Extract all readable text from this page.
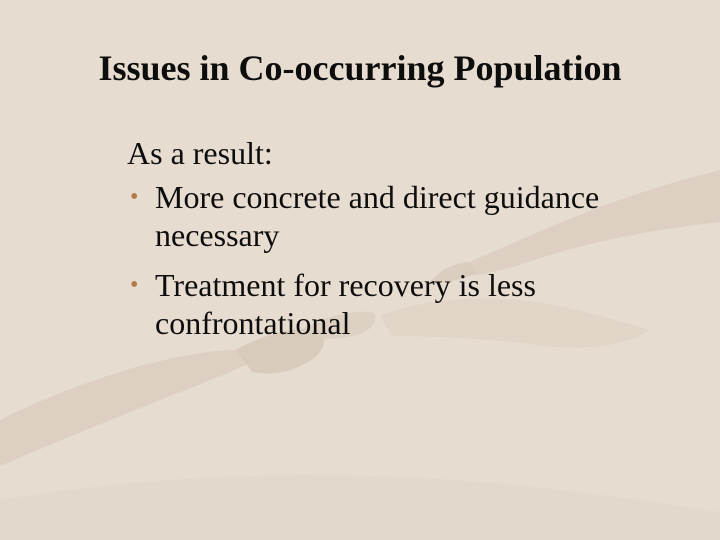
Issues in Co-occurring Population

As a result:

• More concrete and direct guidance necessary
• Treatment for recovery is less confrontational
